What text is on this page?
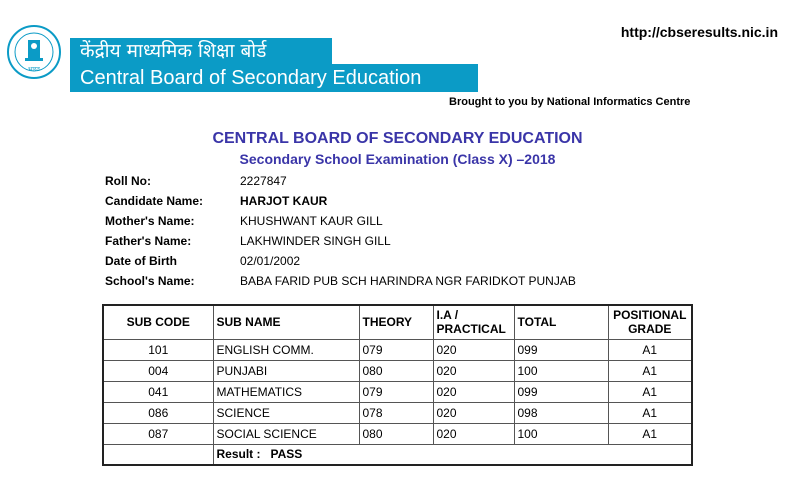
भारत
केंद्रीय माध्यमिक शिक्षा बोर्ड
Central Board of Secondary Education
http://cbseresults.nic.in
Brought to you by National Informatics Centre
CENTRAL BOARD OF SECONDARY EDUCATION
Secondary School Examination (Class X) –2018
Roll No:	2227847
Candidate Name:	HARJOT KAUR
Mother's Name:	KHUSHWANT KAUR GILL
Father's Name:	LAKHWINDER SINGH GILL
Date of Birth	02/01/2002
School's Name:	BABA FARID PUB SCH HARINDRA NGR FARIDKOT PUNJAB
SUB CODE	SUB NAME	THEORY	I.A / PRACTICAL	TOTAL	POSITIONAL GRADE
101	ENGLISH COMM.	079	020	099	A1
004	PUNJABI	080	020	100	A1
041	MATHEMATICS	079	020	099	A1
086	SCIENCE	078	020	098	A1
087	SOCIAL SCIENCE	080	020	100	A1
	Result :   PASS				
